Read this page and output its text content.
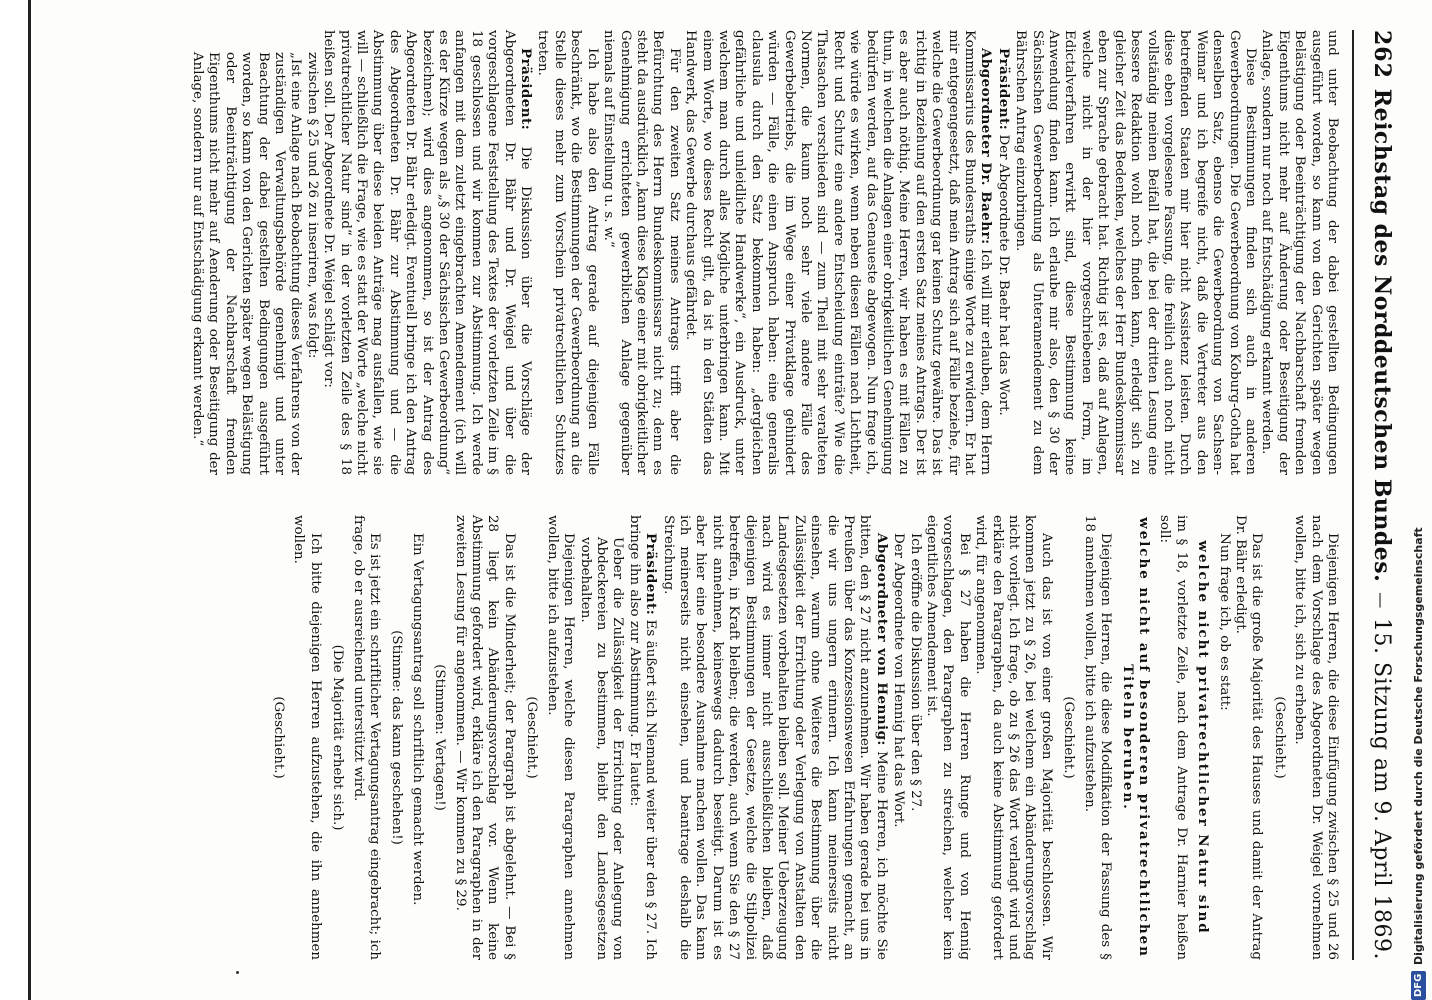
262
Reichstag des Norddeutschen Bundes.
—
15. Sitzung am 9. April 1869.

und unter Beobachtung der dabei gestellten Bedingungen ausgeführt worden, so kann von den Gerichten später wegen Belästigung oder Beeinträchtigung der Nachbarschaft fremden Eigenthums nicht mehr auf Änderung oder Beseitigung der Anlage, sondern nur noch auf Entschädigung erkannt werden.

Diese Bestimmungen finden sich auch in anderen Gewerbeordnungen. Die Gewerbeordnung von Koburg-Gotha hat denselben Satz, ebenso die Gewerbeordnung von Sachsen-Weimar und ich begreife nicht, daß die Vertreter aus den betreffenden Staaten mir hier nicht Assistenz leisten. Durch diese eben vorgelesene Fassung, die freilich auch noch nicht vollständig meinen Beifall hat, die bei der dritten Lesung eine bessere Redaktion wohl noch finden kann, erledigt sich zu gleicher Zeit das Bedenken, welches der Herr Bundeskommissar eben zur Sprache gebracht hat. Richtig ist es, daß auf Anlagen, welche nicht in der hier vorgeschriebenen Form, im Edictalverfahren erwirkt sind, diese Bestimmung keine Anwendung finden kann. Ich erlaube mir also, den § 30 der Sächsischen Gewerbeordnung als Unteramendement zu dem Bährschen Antrag einzubringen.

Präsident: Der Abgeordnete Dr. Baehr hat das Wort.

Abgeordneter Dr. Baehr: Ich will mir erlauben, dem Herrn Kommissarius des Bundesraths einige Worte zu erwidern. Er hat mir entgegengesetzt, daß mein Antrag sich auf Fälle beziehe, für welche die Gewerbeordnung gar keinen Schutz gewähre. Das ist richtig in Beziehung auf den ersten Satz meines Antrags. Der ist es aber auch nöthig. Meine Herren, wir haben es mit Fällen zu thun, in welchen die Anlagen einer obrigkeitlichen Genehmigung bedürfen werden, auf das Genaueste abgewogen. Nun frage ich, wie würde es wirken, wenn neben diesen Fällen nach Lichtheit, Recht und Schutz eine andere Entscheidung einträte? Wie die Thatsachen verschieden sind — zum Theil mit sehr veralteten Normen, die kaum noch sehr viele andere Fälle des Gewerbebetriebs, die im Wege einer Privatklage gehindert würden — Fälle, die einen Anspruch haben: eine generalis clausula durch den Satz bekommen haben: „dergleichen gefährliche und unleidliche Handwerke“, ein Ausdruck, unter welchem man durch alles Mögliche unterbringen kann. Mit einem Worte, wo dieses Recht gilt, da ist in den Städten das Handwerk, das Gewerbe durchaus gefährdet.

Für den zweiten Satz meines Antrags trifft aber die Befürchtung des Herrn Bundeskommissars nicht zu; denn es steht da ausdrücklich „kann diese Klage einer mit obrigkeitlicher Genehmigung errichteten gewerblichen Anlage gegenüber niemals auf Einstellung u. s. w.“

Ich habe also den Antrag gerade auf diejenigen Fälle beschränkt, wo die Bestimmungen der Gewerbeordnung an die Stelle dieses mehr zum Vorschein privatrechtlichen Schutzes treten.

Präsident: Die Diskussion über die Vorschläge der Abgeordneten Dr. Bähr und Dr. Weigel und über die vorgeschlagene Feststellung des Textes der vorletzten Zeile im § 18 geschlossen und wir kommen zur Abstimmung. Ich werde anfangen mit dem zuletzt eingebrachten Amendement (ich will es der Kürze wegen als „§ 30 der Sächsischen Gewerbeordnung“ bezeichnen); wird dies angenommen, so ist der Antrag des Abgeordneten Dr. Bähr erledigt. Eventuell bringe ich den Antrag des Abgeordneten Dr. Bähr zur Abstimmung und — die Abstimmung über diese beiden Anträge mag ausfallen, wie sie will — schließlich die Frage, wie es statt der Worte „welche nicht privatrechtlicher Natur sind“ in der vorletzten Zeile des § 18 heißen soll. Der Abgeordnete Dr. Weigel schlägt vor:

zwischen § 25 und 26 zu inseriren, was folgt:

„Ist eine Anlage nach Beobachtung dieses Verfahrens von der zuständigen Verwaltungsbehörde genehmigt und unter Beachtung der dabei gestellten Bedingungen ausgeführt worden, so kann von den Gerichten später wegen Belästigung oder Beeinträchtigung der Nachbarschaft fremden Eigenthums nicht mehr auf Aenderung oder Beseitigung der Anlage, sondern nur auf Entschädigung erkannt werden.“

Diejenigen Herren, die diese Einfügung zwischen § 25 und 26 nach dem Vorschlage des Abgeordneten Dr. Weigel vornehmen wollen, bitte ich, sich zu erheben.

(Geschieht.)

Das ist die große Majorität des Hauses und damit der Antrag Dr. Bähr erledigt.

Nun frage ich, ob es statt:

welche nicht privatrechtlicher Natur sind

im § 18, vorletzte Zeile, nach dem Antrage Dr. Harnier heißen soll:

welche nicht auf besonderen privatrechtlichen Titeln beruhen.

Diejenigen Herren, die diese Modifikation der Fassung des § 18 annehmen wollen, bitte ich aufzustehen.

(Geschieht.)

Auch das ist von einer großen Majorität beschlossen. Wir kommen jetzt zu § 26, bei welchem ein Abänderungsvorschlag nicht vorliegt. Ich frage, ob zu § 26 das Wort verlangt wird und erkläre den Paragraphen, da auch keine Abstimmung gefordert wird, für angenommen.

Bei § 27 haben die Herren Runge und von Hennig vorgeschlagen, den Paragraphen zu streichen, welcher kein eigentliches Amendement ist.

Ich eröffne die Diskussion über den § 27.

Der Abgeordnete von Hennig hat das Wort.

Abgeordneter von Hennig: Meine Herren, ich möchte Sie bitten, den § 27 nicht anzunehmen. Wir haben gerade bei uns in Preußen über das Konzessionswesen Erfahrungen gemacht, an die wir uns ungern erinnern. Ich kann meinerseits nicht einsehen, warum ohne Weiteres die Bestimmung über die Zulässigkeit der Errichtung oder Verlegung von Anstalten den Landesgesetzen vorbehalten bleiben soll. Meiner Ueberzeugung nach wird es immer nicht ausschließlichen bleiben, daß diejenigen Bestimmungen der Gesetze, welche die Stilpolizei betreffen, in Kraft bleiben; die werden, auch wenn Sie den § 27 nicht annehmen, keineswegs dadurch beseitigt. Darum ist es aber hier eine besondere Ausnahme machen wollen. Das kann ich meinerseits nicht einsehen, und beantrage deshalb die Streichung.

Präsident: Es äußert sich Niemand weiter über den § 27. Ich bringe ihn also zur Abstimmung. Er lautet:

Ueber die Zulässigkeit der Errichtung oder Anlegung von Abdeckereien zu bestimmen, bleibt den Landesgesetzen vorbehalten.

Diejenigen Herren, welche diesen Paragraphen annehmen wollen, bitte ich aufzustehen.

(Geschieht.)

Das ist die Minderheit; der Paragraph ist abgelehnt. — Bei § 28 liegt kein Abänderungsvorschlag vor. Wenn keine Abstimmung gefordert wird, erkläre ich den Paragraphen in der zweiten Lesung für angenommen. — Wir kommen zu § 29.

(Stimmen: Vertagen!)

Ein Vertagungsantrag soll schriftlich gemacht werden.

(Stimme: das kann geschehen!)

Es ist jetzt ein schriftlicher Vertagungsantrag eingebracht; ich frage, ob er ausreichend unterstützt wird.

(Die Majorität erhebt sich.)

Ich bitte diejenigen Herren aufzustehen, die ihn annehmen wollen.

(Geschieht.)

DFG
Digitalisierung gefördert durch die Deutsche Forschungsgemeinschaft
